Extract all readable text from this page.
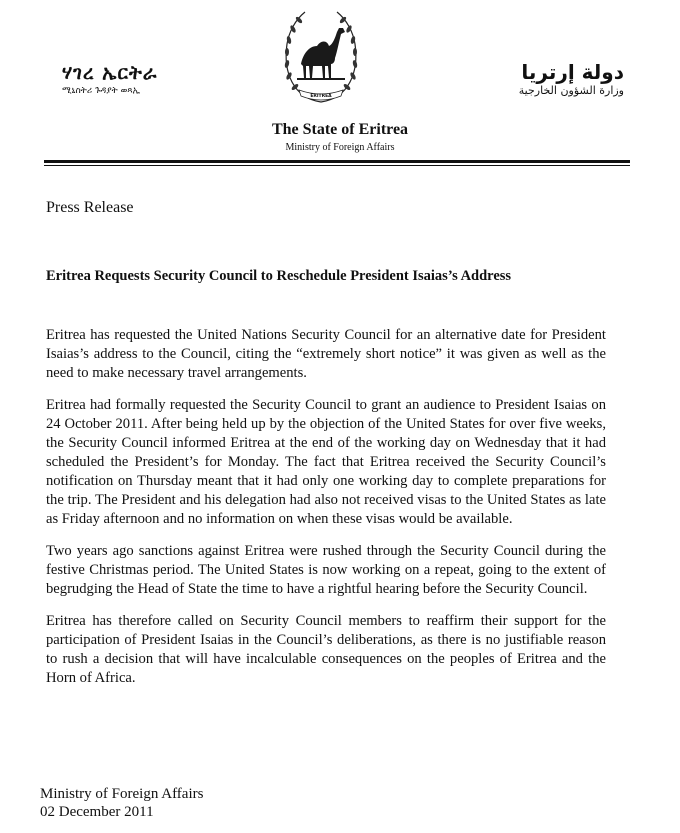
ሃገረ ኤርትራ
ሚኒስትሪ ጉዳያት ወጻኢ
ERITREA
دولة إرتريا
وزارة الشؤون الخارجية
The State of Eritrea
Ministry of Foreign Affairs
Press Release
Eritrea Requests Security Council to Reschedule President Isaias’s Address

Eritrea has requested the United Nations Security Council for an alternative date for President Isaias’s address to the Council, citing the “extremely short notice” it was given as well as the need to make necessary travel arrangements.

Eritrea had formally requested the Security Council to grant an audience to President Isaias on 24 October 2011. After being held up by the objection of the United States for over five weeks, the Security Council informed Eritrea at the end of the working day on Wednesday that it had scheduled the President’s for Monday. The fact that Eritrea received the Security Council’s notification on Thursday meant that it had only one working day to complete preparations for the trip. The President and his delegation had also not received visas to the United States as late as Friday afternoon and no information on when these visas would be available.

Two years ago sanctions against Eritrea were rushed through the Security Council during the festive Christmas period. The United States is now working on a repeat, going to the extent of begrudging the Head of State the time to have a rightful hearing before the Security Council.

Eritrea has therefore called on Security Council members to reaffirm their support for the participation of President Isaias in the Council’s deliberations, as there is no justifiable reason to rush a decision that will have incalculable consequences on the peoples of Eritrea and the Horn of Africa.

Ministry of Foreign Affairs
02 December 2011
